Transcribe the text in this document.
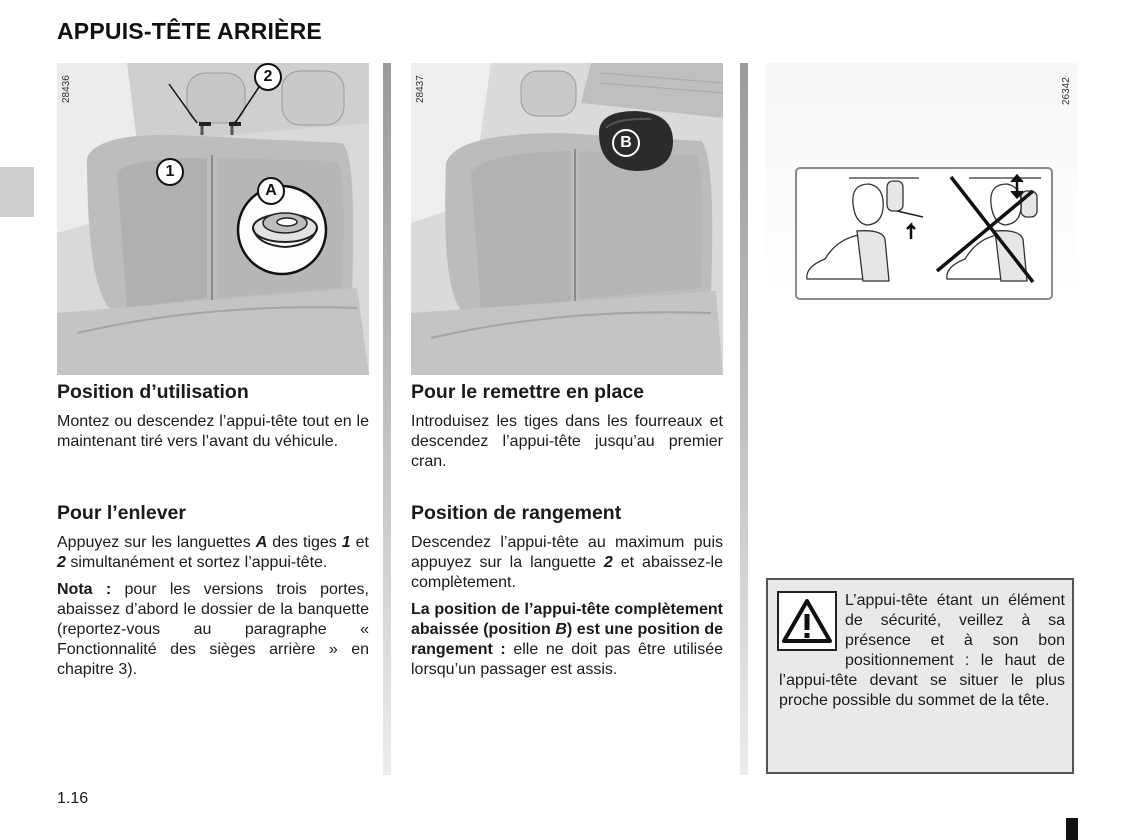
APPUIS-TÊTE ARRIÈRE
28436	2
1
A
28437
B
26342
Position d’utilisation

Montez ou descendez l’appui-tête tout en le maintenant tiré vers l’avant du véhicule.

Pour l’enlever

Appuyez sur les languettes A des tiges 1 et 2 simultanément et sortez l’appui-tête.

Nota : pour les versions trois portes, abaissez d’abord le dossier de la banquette (reportez-vous au paragraphe « Fonctionnalité des sièges arrière » en chapitre 3).

Pour le remettre en place

Introduisez les tiges dans les fourreaux et descendez l’appui-tête jusqu’au premier cran.

Position de rangement

Descendez l’appui-tête au maximum puis appuyez sur la languette 2 et abaissez-le complètement.

La position de l’appui-tête complètement abaissée (position B) est une position de rangement : elle ne doit pas être utilisée lorsqu’un passager est assis.

L’appui-tête étant un élément de sécurité, veillez à sa présence et à son bon positionnement : le haut de l’appui-tête devant se situer le plus proche possible du sommet de la tête.

1.16
